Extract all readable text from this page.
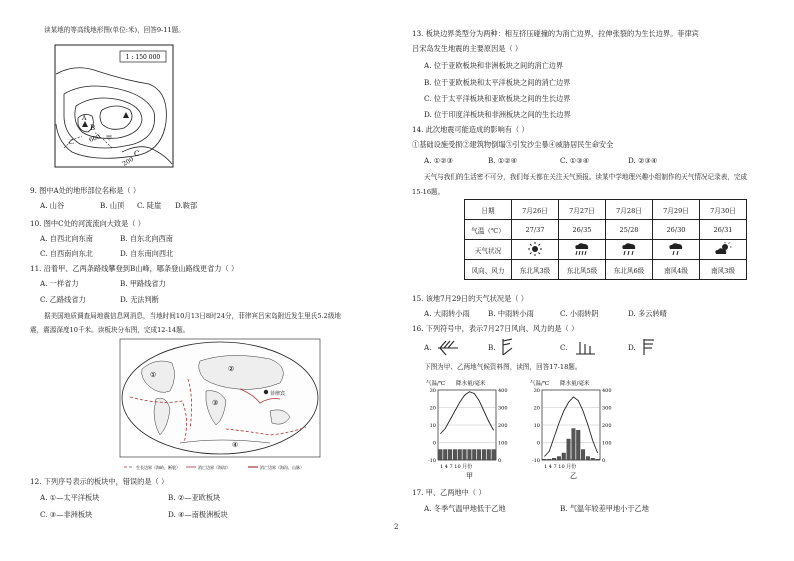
读某地的等高线地形图(单位:米)，回答9-11题。
1 : 150 000
B
A
C
600
200
乙
甲
9. 图中A处的地形部位名称是（ ）
A. 山谷	B. 山顶 C. 陡崖 D.鞍部
10. 图中C处的河流流向大致是（ ）
A. 自西北向东南	B. 自东北向西南
C. 自西南向东北	D. 自东南向西北
11. 沿着甲、乙两条路线攀登到B山峰，哪条登山路线更省力（ ）
A. 一样省力	B. 甲路线省力
C. 乙路线省力	D. 无法判断
据美国地质调查局地震信息网消息，当地时间10月13日8时24分，菲律宾吕宋岛附近发生里氏5.2级地
震，震源深度10千米。读板块分布图，完成12-14题。
菲律宾
①
②
③
④
生长边界（海岭、断裂）	消亡边界（海沟）	消亡边界（海沟、山脉）
12. 下列序号表示的板块中，错误的是（ ）
A. ①—太平洋板块	B. ②—亚欧板块
C. ③—非洲板块	D. ④—南极洲板块
2
13. 板块边界类型分为两种：相互挤压碰撞的为消亡边界，拉伸张裂的为生长边界。菲律宾
吕宋岛发生地震的主要原因是（ ）
A. 位于亚欧板块和非洲板块之间的消亡边界
B. 位于亚欧板块和太平洋板块之间的消亡边界
C. 位于太平洋板块和亚欧板块之间的生长边界
D. 位于印度洋板块和非洲板块之间的生长边界
14. 此次地震可能造成的影响有（ ）
①基础设施受损②建筑物倒塌③引发沙尘暴④威胁居民生命安全
A. ①②③	B. ①②④	C. ①③④	D. ②③④
天气与我们的生活密不可分，我们每天都在关注天气预报。读某中学地理兴趣小组制作的天气情况记录表，完成
15-16题。
日期	7月26日	7月27日	7月28日	7月29日	7月30日
气温（℃）	27/37	26/35	25/28	26/30	26/31
天气状况					
风向、风力	东北风3级	东北风5级	东北风6级	南风4级	南风3级
15. 该地7月29日的天气状况是（ ）
A. 大雨转小雨	B. 中雨转小雨	C. 小雨转阴	D. 多云转晴
16. 下列符号中，表示7月27日风向、风力的是（ ）
A.	B.	C.	D.
下图为甲、乙两地气候资料图，读图，回答17-18题。
气温/℃ 降水量/毫米	气温/℃ 降水量/毫米
30
20
10
0
-10
400
300
200
100
0
1 4 7 10 月份
30
20
10
0
-10
400
300
200
100
0
1 4 7 10 月份
甲	乙
17. 甲、乙两地中（ ）
A. 冬季气温甲地低于乙地	B. 气温年较差甲地小于乙地
